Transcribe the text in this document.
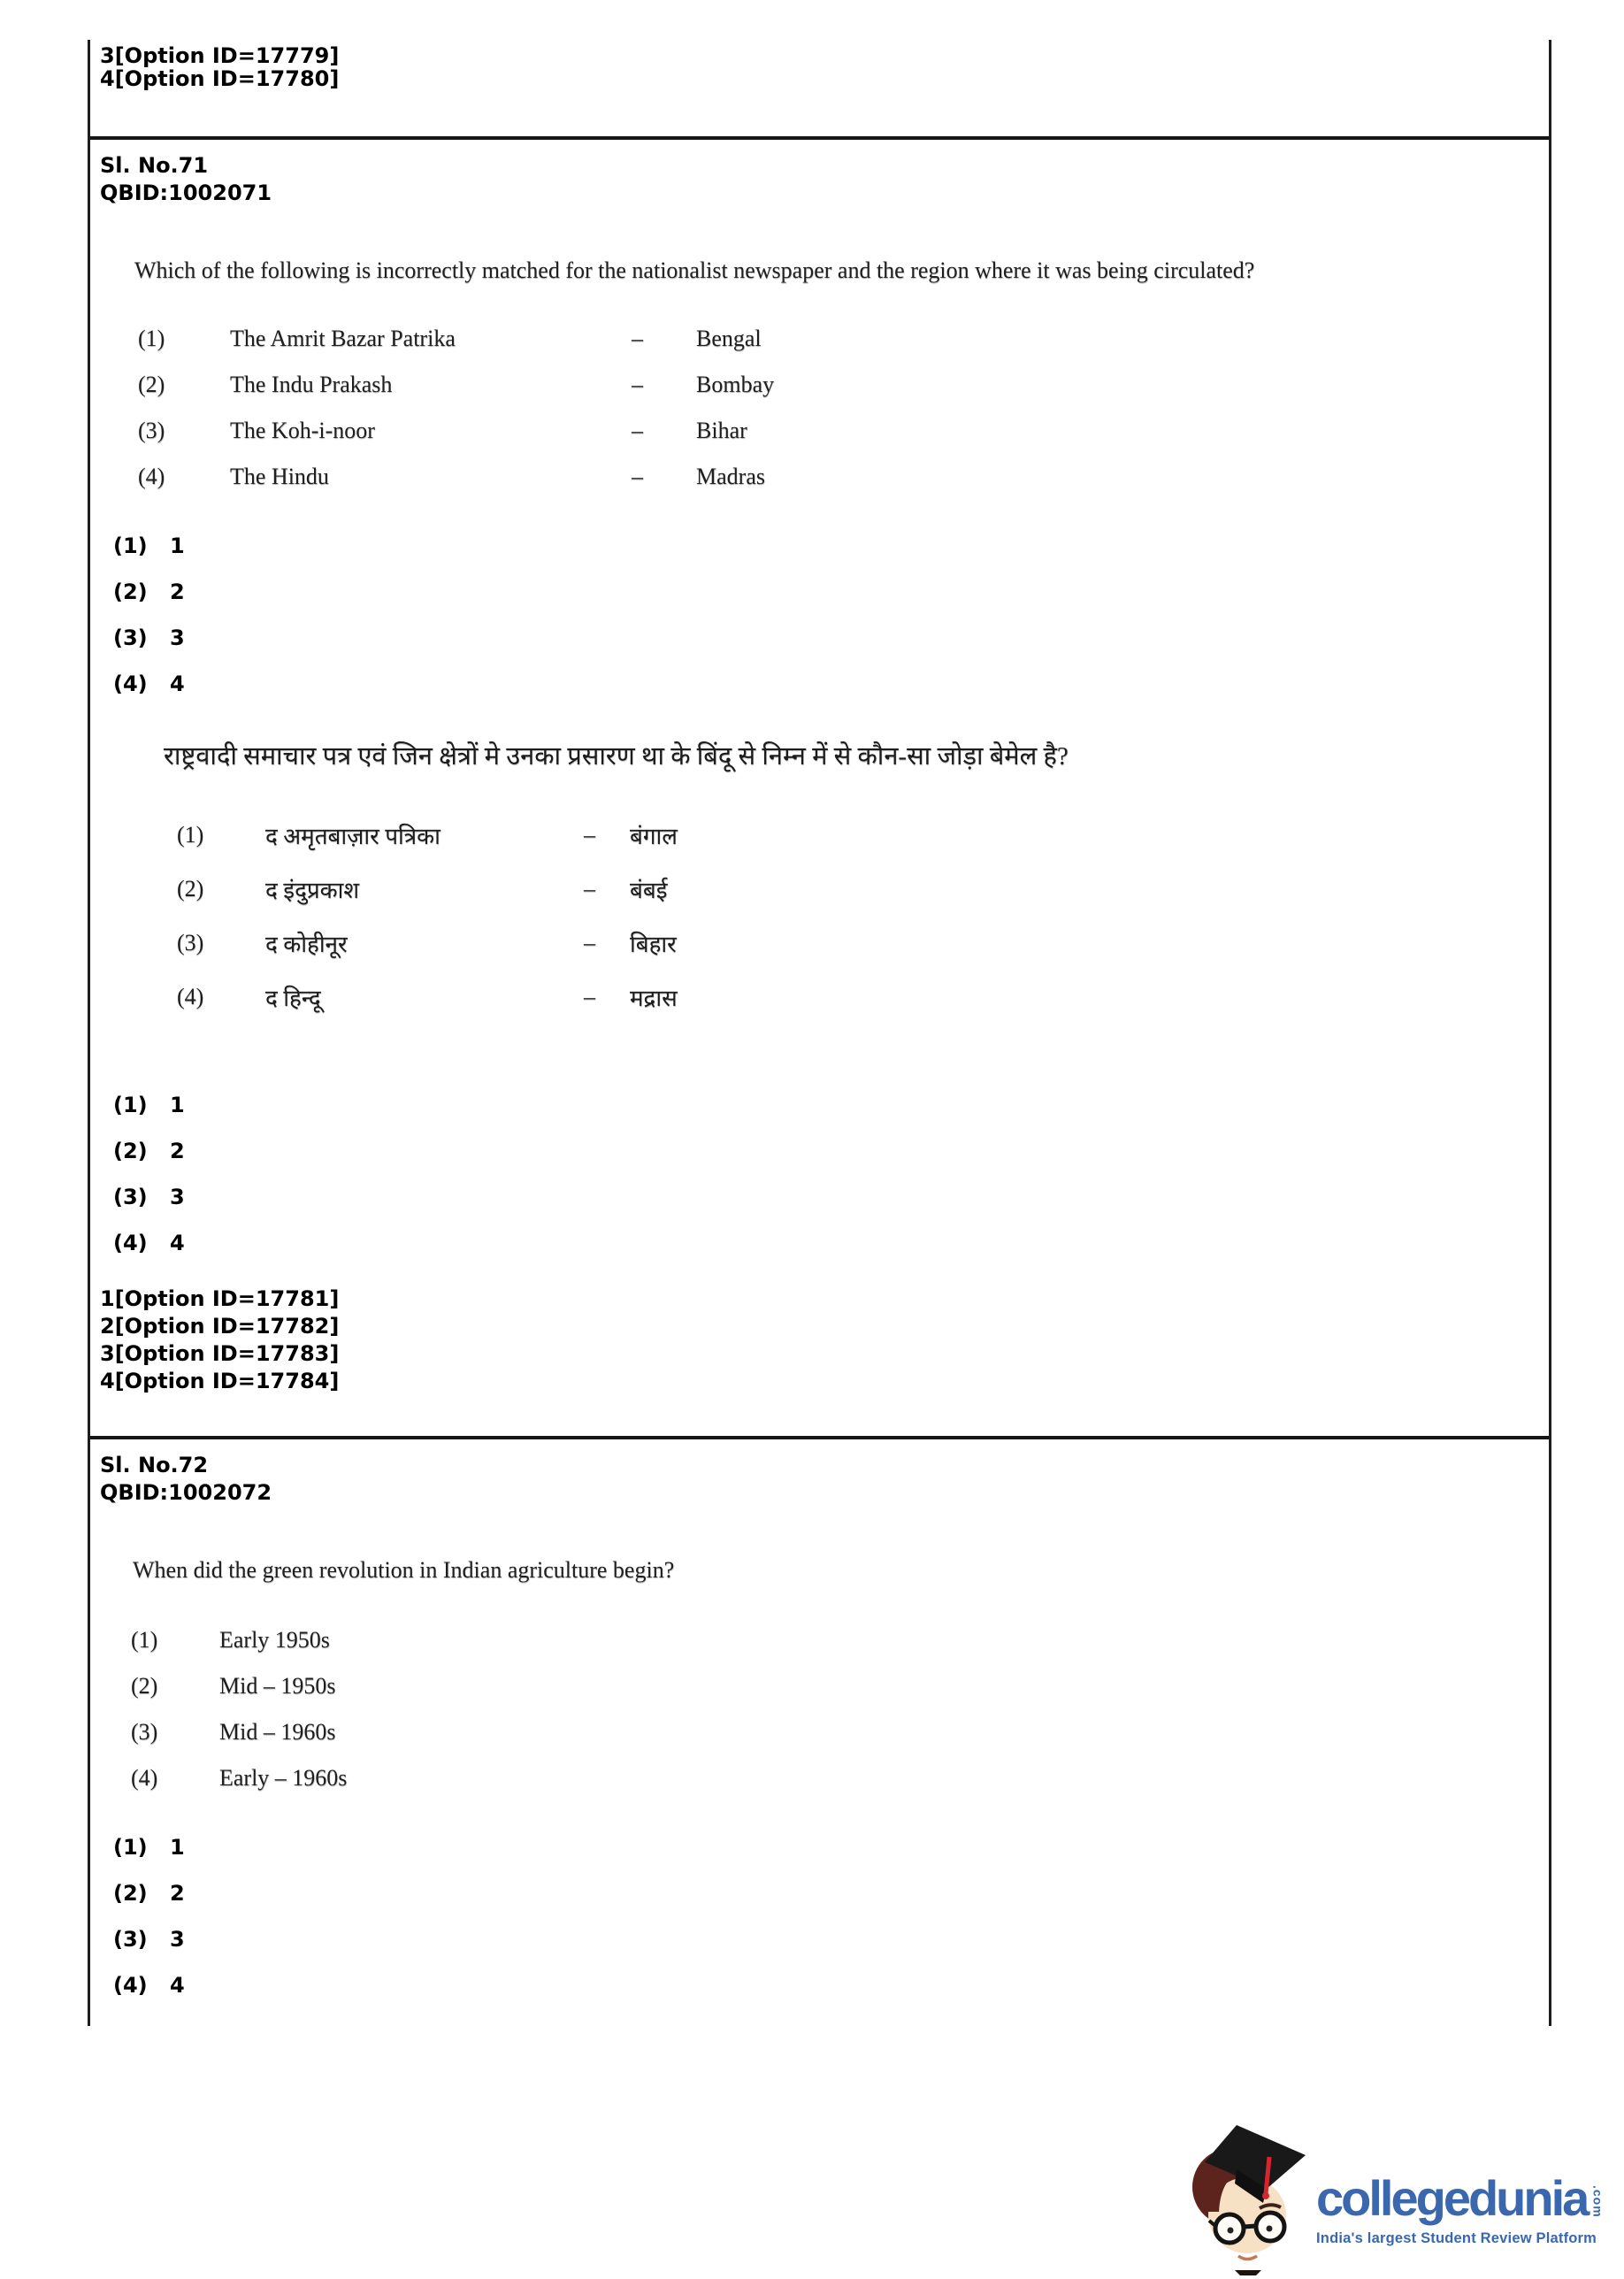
3[Option ID=17779]
4[Option ID=17780]
Sl. No.71
QBID:1002071
Which of the following is incorrectly matched for the nationalist newspaper and the region where it was being circulated?
(1)	The Amrit Bazar Patrika	–	Bengal
(2)	The Indu Prakash	–	Bombay
(3)	The Koh-i-noor	–	Bihar
(4)	The Hindu	–	Madras
(1)	1
(2)	2
(3)	3
(4)	4
राष्ट्रवादी समाचार पत्र एवं जिन क्षेत्रों मे उनका प्रसारण था के बिंदू से निम्न में से कौन-सा जोड़ा बेमेल है?
(1)	द अमृतबाज़ार पत्रिका	–	बंगाल
(2)	द इंदुप्रकाश	–	बंबई
(3)	द कोहीनूर	–	बिहार
(4)	द हिन्दू	–	मद्रास
(1)	1
(2)	2
(3)	3
(4)	4
1[Option ID=17781]
2[Option ID=17782]
3[Option ID=17783]
4[Option ID=17784]
Sl. No.72
QBID:1002072
When did the green revolution in Indian agriculture begin?
(1)	Early 1950s
(2)	Mid – 1950s
(3)	Mid – 1960s
(4)	Early – 1960s
(1)	1
(2)	2
(3)	3
(4)	4
collegedunia .com
India's largest Student Review Platform
